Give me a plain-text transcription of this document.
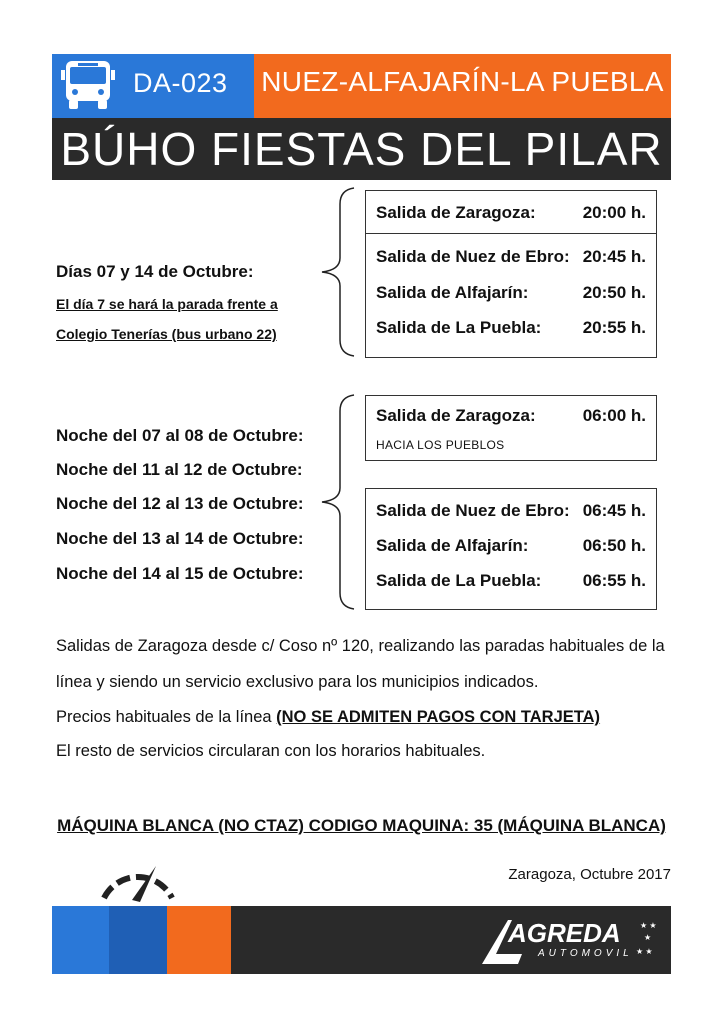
DA-023 NUEZ-ALFAJARÍN-LA PUEBLA
BÚHO FIESTAS DEL PILAR
Días 07 y 14 de Octubre:
El día 7 se hará la parada frente a
Colegio Tenerías (bus urbano 22)
Salida de Zaragoza:	20:00 h.
Salida de Nuez de Ebro: 20:45 h.
Salida de Alfajarín:	20:50 h.
Salida de La Puebla: 20:55 h.
Noche del 07 al 08 de Octubre:
Noche del 11 al 12 de Octubre:
Noche del 12 al 13 de Octubre:
Noche del 13 al 14 de Octubre:
Noche del 14 al 15 de Octubre:
Salida de Zaragoza:	06:00 h.
HACIA LOS PUEBLOS
Salida de Nuez de Ebro: 06:45 h.
Salida de Alfajarín:	06:50 h.
Salida de La Puebla: 06:55 h.
Salidas de Zaragoza desde c/ Coso nº 120, realizando las paradas habituales de la
línea y siendo un servicio exclusivo para los municipios indicados.
Precios habituales de la línea (NO SE ADMITEN PAGOS CON TARJETA)
El resto de servicios circularan con los horarios habituales.
MÁQUINA BLANCA (NO CTAZ) CODIGO MAQUINA: 35 (MÁQUINA BLANCA)
Zaragoza, Octubre 2017
AGREDA
AUTOMOVIL
★ ★
★
★ ★
